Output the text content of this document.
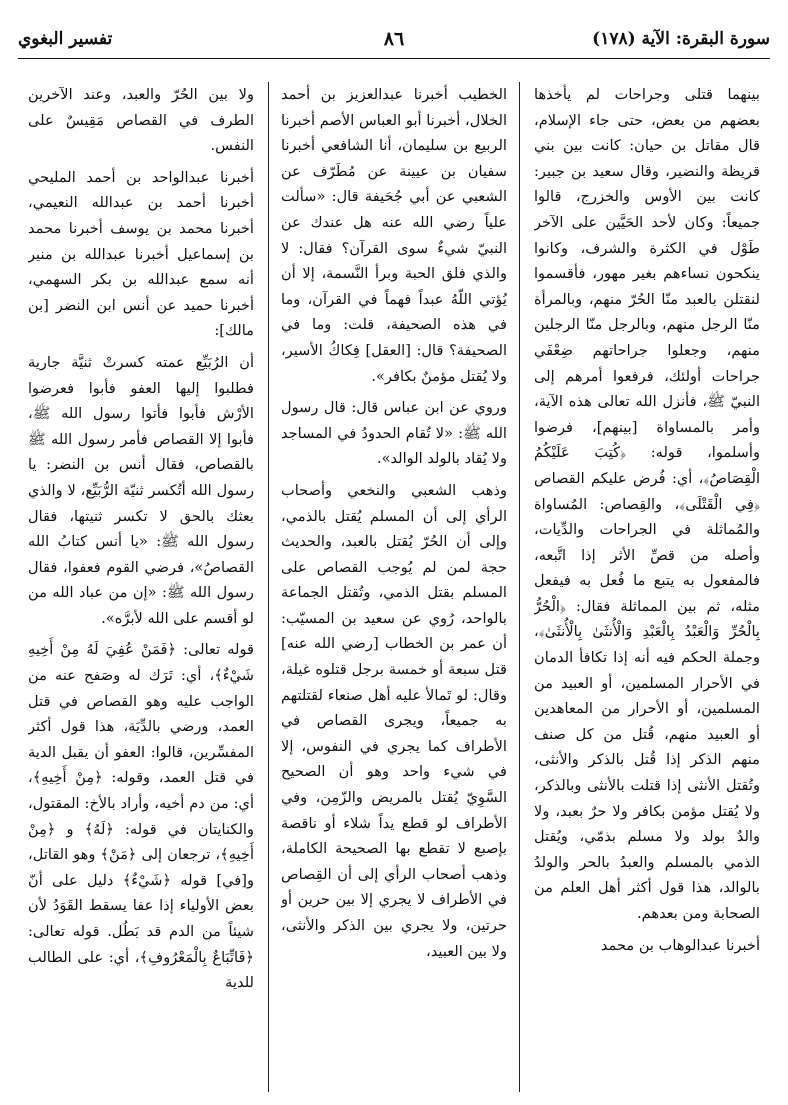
سورة البقرة: الآية (١٧٨)
٨٦
تفسير البغوي

بينهما قتلى وجراحات لم يأخذها بعضهم من بعض، حتى جاء الإسلام، قال مقاتل بن حيان: كانت بين بني قريظة والنضير، وقال سعيد بن جبير: كانت بين الأوس والخزرج، قالوا جميعاً: وكان لأحد الحَيَّين على الآخر طَوْل في الكثرة والشرف، وكانوا ينكحون نساءهم بغير مهور، فأقسموا لنقتلن بالعبد منّا الحُرّ منهم، وبالمرأة منّا الرجل منهم، وبالرجل منّا الرجلين منهم، وجعلوا جراحاتهم ضِعْفَي جراحات أولئك، فرفعوا أمرهم إلى النبيّ ﷺ، فأنزل الله تعالى هذه الآية، وأمر بالمساواة [بينهم]، فرضوا وأسلموا، قوله: ﴿كُتِبَ عَلَيْكُمُ الْقِصَاصُ﴾، أي: فُرض عليكم القصاص ﴿فِي الْقَتْلَى﴾، والقِصاص: المُساواة والمُماثلة في الجراحات والدِّيات، وأصله من قصِّ الأثر إذا اتَّبعه، فالمفعول به يتبع ما فُعل به فيفعل مثله، ثم بين المماثلة فقال: ﴿الْحُرُّ بِالْحُرِّ وَالْعَبْدُ بِالْعَبْدِ وَالْأُنثَىٰ بِالْأُنثَىٰ﴾، وجملة الحكم فيه أنه إذا تكافأ الدمان في الأحرار المسلمين، أو العبيد من المسلمين، أو الأحرار من المعاهدين أو العبيد منهم، قُتل من كل صنف منهم الذكر إذا قُتل بالذكر والأنثى، وتُقتل الأنثى إذا قتلت بالأنثى وبالذكر، ولا يُقتل مؤمن بكافر ولا حرٌ بعبد، ولا والدٌ بولد ولا مسلم بذمّي، ويُقتل الذمي بالمسلم والعبدُ بالحر والولدُ بالوالد، هذا قول أكثر أهل العلم من الصحابة ومن بعدهم.

أخبرنا عبدالوهاب بن محمد

الخطيب أخبرنا عبدالعزيز بن أحمد الخلال، أخبرنا أبو العباس الأصم أخبرنا الربيع بن سليمان، أنا الشافعي أخبرنا سفيان بن عيينة عن مُطَرّف عن الشعبي عن أبي جُحَيفة قال: «سألت علياً رضي الله عنه هل عندك عن النبيّ شيءٌ سوى القرآن؟ فقال: لا والذي فلق الحبة وبرأ النَّسمة، إلا أن يُؤتي اللّهُ عبداً فهماً في القرآن، وما في هذه الصحيفة، قلت: وما في الصحيفة؟ قال: [العقل] فِكاكُ الأسير، ولا يُقتل مؤمنٌ بكافر».

وروي عن ابن عباس قال: قال رسول الله ﷺ: «لا تُقام الحدودُ في المساجد ولا يُقاد بالولد الوالد».

وذهب الشعبي والنخعي وأصحاب الرأي إلى أن المسلم يُقتل بالذمي، وإلى أن الحُرّ يُقتل بالعبد، والحديث حجة لمن لم يُوجب القصاص على المسلم بقتل الذمي، وتُقتل الجماعة بالواحد، رُوي عن سعيد بن المسيّب: أن عمر بن الخطاب [رضي الله عنه] قتل سبعة أو خمسة برجل قتلوه غيلة، وقال: لو تَمالأ عليه أهل صنعاء لقتلتهم به جميعاً، ويجرى القصاص في الأطراف كما يجري في النفوس، إلا في شيء واحد وهو أن الصحيح السَّوِيّ يُقتل بالمريض والزّمِن، وفي الأطراف لو قطع يداً شلاء أو ناقصة بإصبع لا تقطع بها الصحيحة الكاملة، وذهب أصحاب الرأي إلى أن القِصاص في الأطراف لا يجري إلا بين حرين أو حرتين، ولا يجري بين الذكر والأنثى، ولا بين العبيد،

ولا بين الحُرّ والعبد، وعند الآخرين الطرف في القصاص مَقِيسٌ على النفس.

أخبرنا عبدالواحد بن أحمد المليحي أخبرنا أحمد بن عبدالله النعيمي، أخبرنا محمد بن يوسف أخبرنا محمد بن إسماعيل أخبرنا عبدالله بن منير أنه سمع عبدالله بن بكر السهمي، أخبرنا حميد عن أنس ابن النضر [بن مالك]:

أن الرُبَيِّع عمته كسرتْ ثنيَّة جارية فطلبوا إليها العفو فأبوا فعرضوا الأرْش فأبوا فأتوا رسول الله ﷺ، فأبوا إلا القصاص فأمر رسول الله ﷺ بالقصاص، فقال أنس بن النضر: يا رسول الله أتُكسر ثنيّة الرُّبَيِّع، لا والذي بعثك بالحق لا تكسر ثنيتها، فقال رسول الله ﷺ: «يا أنس كتابُ الله القصاصُ»، فرضي القوم فعفوا، فقال رسول الله ﷺ: «إن من عباد الله من لو أقسم على الله لأبرَّه».

قوله تعالى: ﴿فَمَنْ عُفِيَ لَهُ مِنْ أَخِيهِ شَيْءٌ﴾، أي: تَرَك له وصَفح عنه من الواجب عليه وهو القصاص في قتل العمد، ورضي بالدِّيَة، هذا قول أكثر المفسِّرين، قالوا: العفو أن يقبل الدية في قتل العمد، وقوله: ﴿مِنْ أَخِيهِ﴾، أي: من دم أخيه، وأراد بالأخ: المقتول، والكنايتان في قوله: ﴿لَهُ﴾ و ﴿مِنْ أَخِيهِ﴾، ترجعان إلى ﴿مَنْ﴾ وهو القاتل، و[في] قوله ﴿شَيْءٌ﴾ دليل على أنّ بعض الأولياء إذا عفا يسقط القَوَدُ لأن شيئاً من الدم قد بَطُل. قوله تعالى: ﴿فَاتِّبَاعٌ بِالْمَعْرُوفِ﴾، أي: على الطالب للدية
